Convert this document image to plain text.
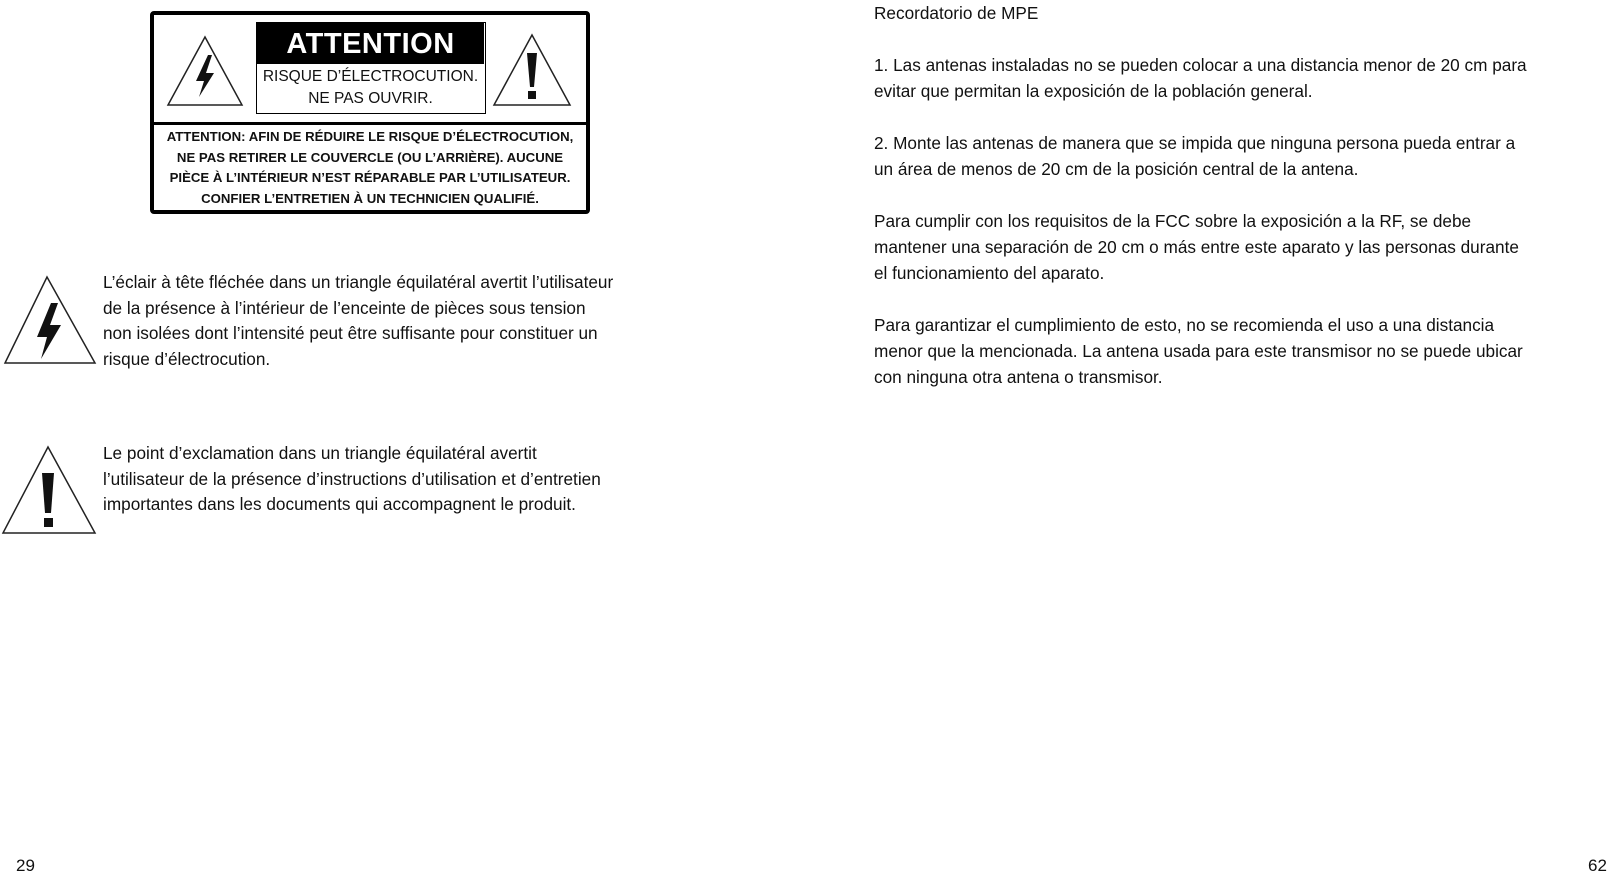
ATTENTION
RISQUE D’ÉLECTROCUTION.
NE PAS OUVRIR.
ATTENTION: AFIN DE RÉDUIRE LE RISQUE D’ÉLECTROCUTION,
NE PAS RETIRER LE COUVERCLE (OU L’ARRIÈRE). AUCUNE
PIÈCE À L’INTÉRIEUR N’EST RÉPARABLE PAR L’UTILISATEUR.
CONFIER L’ENTRETIEN À UN TECHNICIEN QUALIFIÉ.
L’éclair à tête fléchée dans un triangle équilatéral avertit l’utilisateur
de la présence à l’intérieur de l’enceinte de pièces sous tension
non isolées dont l’intensité peut être suffisante pour constituer un
risque d’électrocution.
Le point d’exclamation dans un triangle équilatéral avertit
l’utilisateur de la présence d’instructions d’utilisation et d’entretien
importantes dans les documents qui accompagnent le produit.
29
Recordatorio de MPE
1. Las antenas instaladas no se pueden colocar a una distancia menor de 20 cm para
evitar que permitan la exposición de la población general.
2. Monte las antenas de manera que se impida que ninguna persona pueda entrar a
un área de menos de 20 cm de la posición central de la antena.
Para cumplir con los requisitos de la FCC sobre la exposición a la RF, se debe
mantener una separación de 20 cm o más entre este aparato y las personas durante
el funcionamiento del aparato.
Para garantizar el cumplimiento de esto, no se recomienda el uso a una distancia
menor que la mencionada. La antena usada para este transmisor no se puede ubicar
con ninguna otra antena o transmisor.
62
